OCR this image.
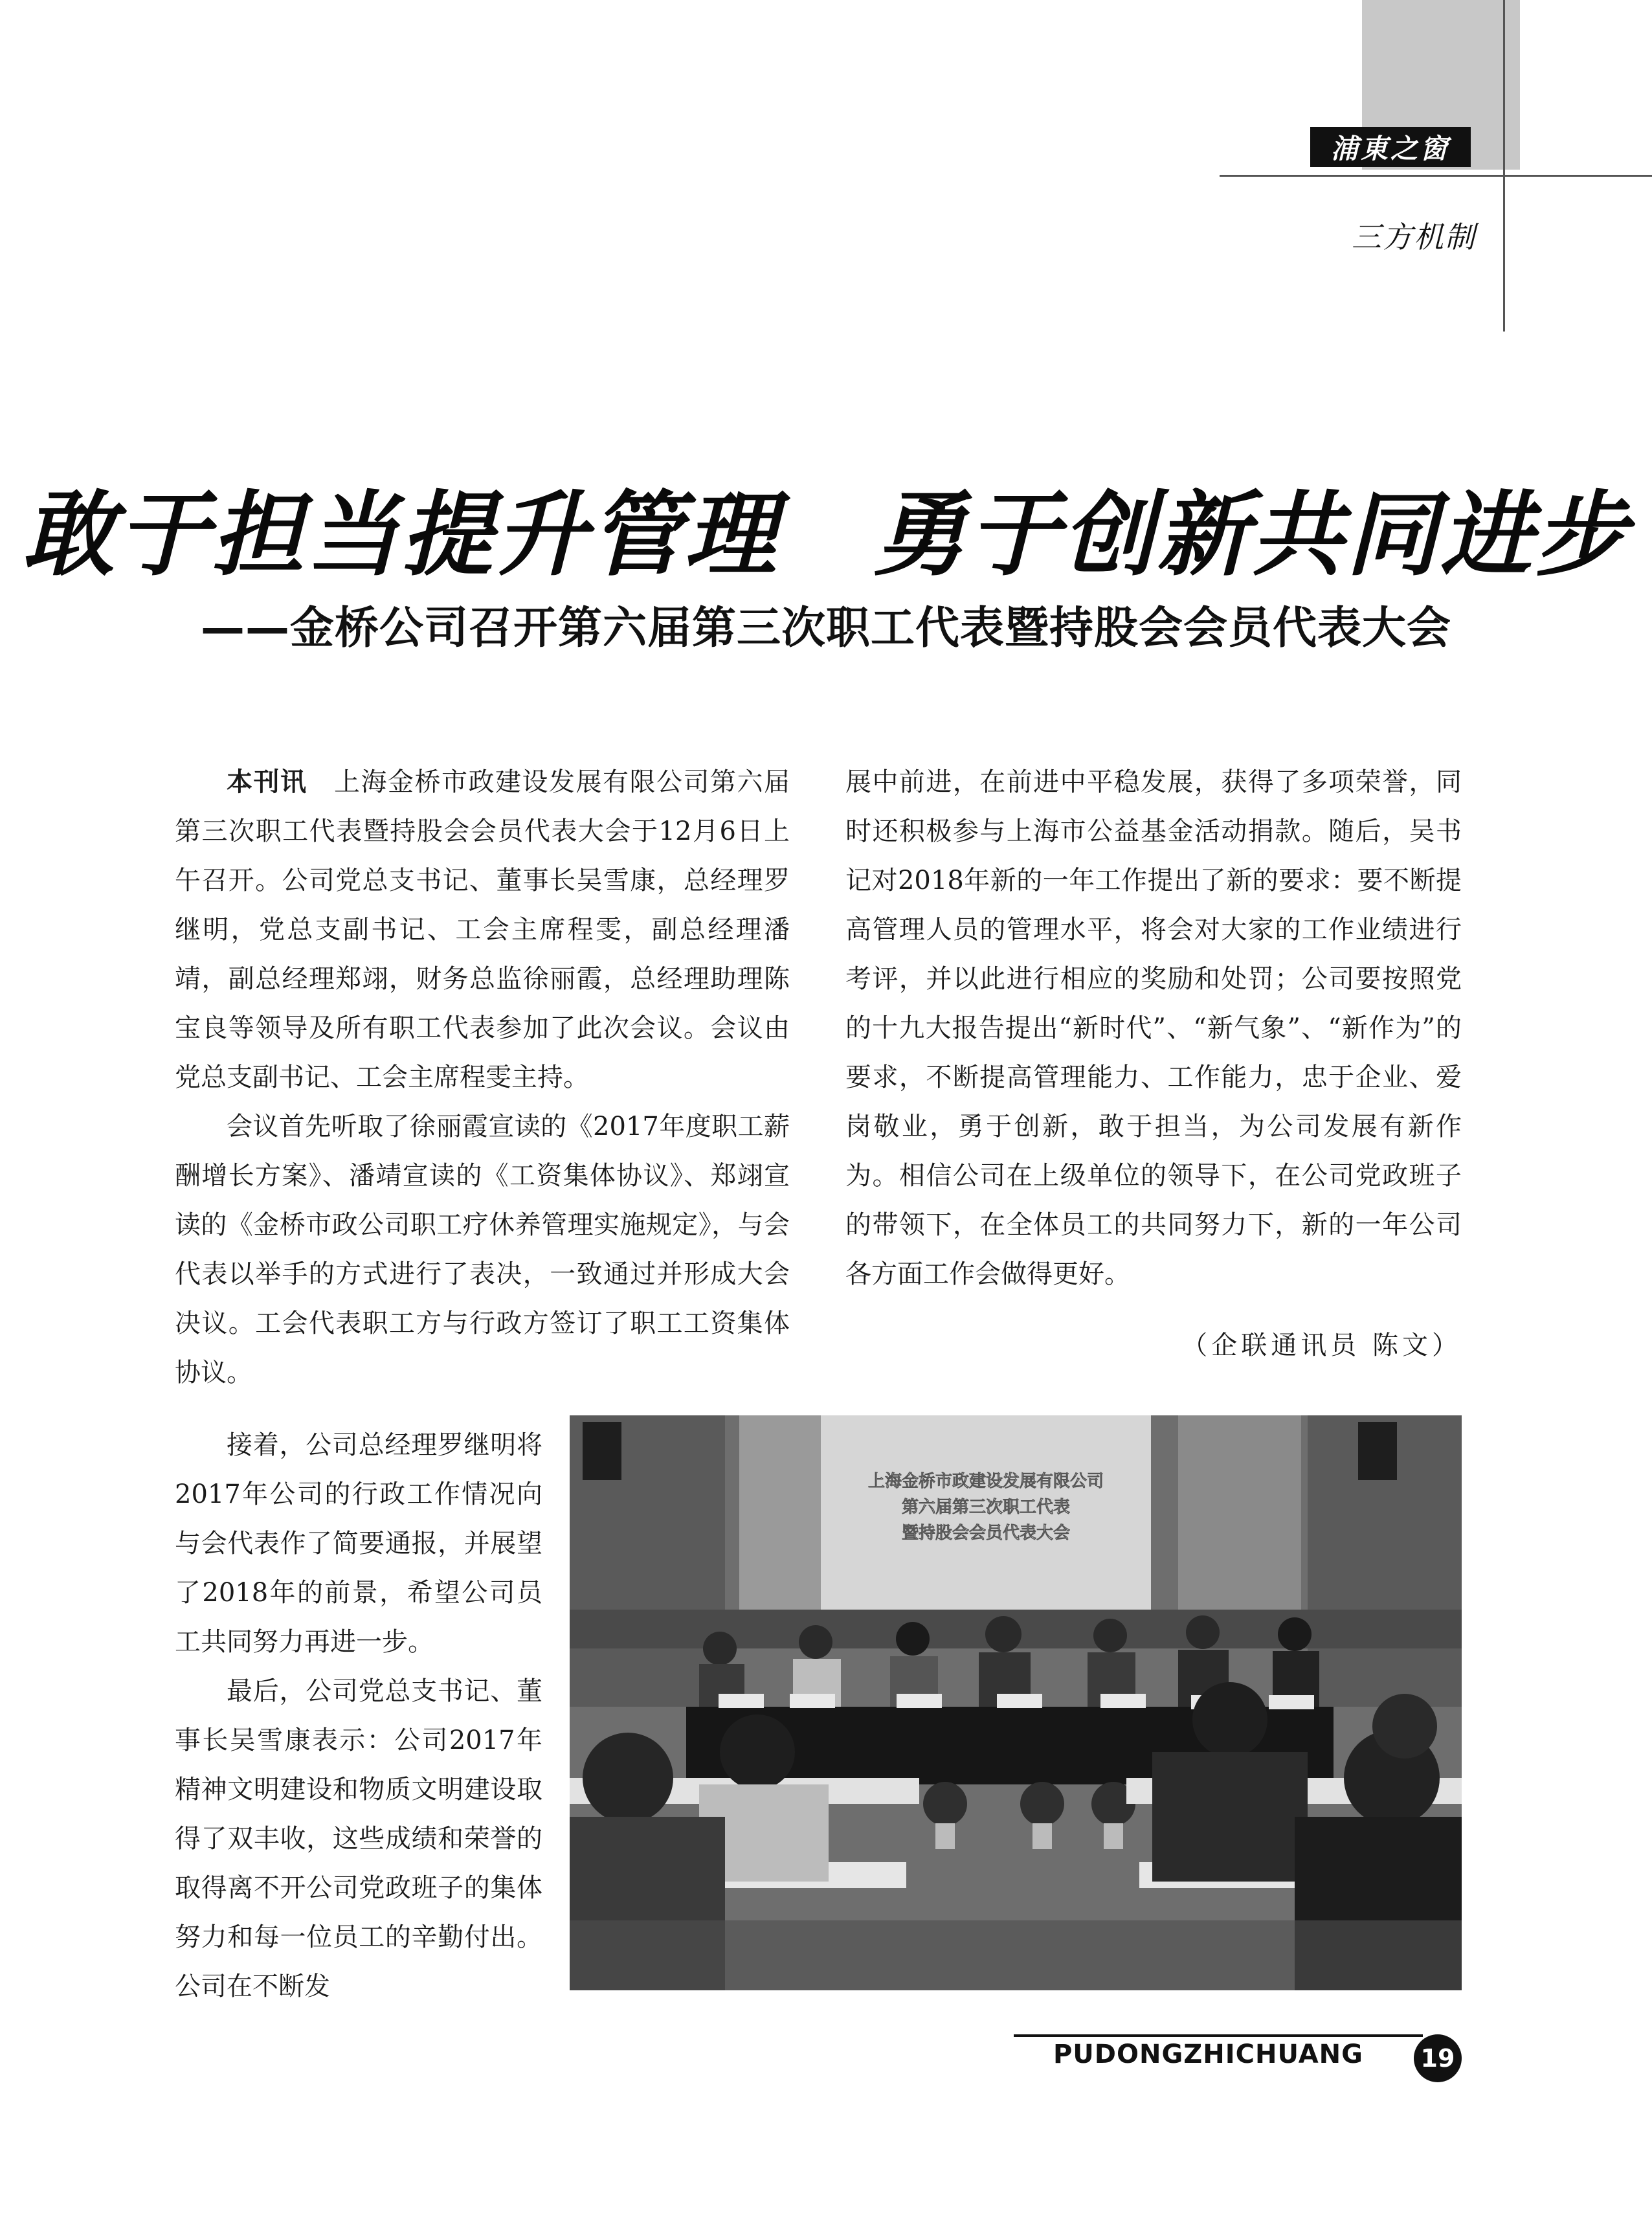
浦東之窗
三方机制
敢于担当提升管理　勇于创新共同进步
——金桥公司召开第六届第三次职工代表暨持股会会员代表大会

本刊讯　 上海金桥市政建设发展有限公司第六届第三次职工代表暨持股会会员代表大会于12月6日上午召开。公司党总支书记、董事长吴雪康，总经理罗继明，党总支副书记、工会主席程雯，副总经理潘靖，副总经理郑翊，财务总监徐丽霞，总经理助理陈宝良等领导及所有职工代表参加了此次会议。会议由党总支副书记、工会主席程雯主持。

会议首先听取了徐丽霞宣读的《2017年度职工薪酬增长方案》、潘靖宣读的《工资集体协议》、郑翊宣读的《金桥市政公司职工疗休养管理实施规定》，与会代表以举手的方式进行了表决，一致通过并形成大会决议。工会代表职工方与行政方签订了职工工资集体协议。

接着，公司总经理罗继明将2017年公司的行政工作情况向与会代表作了简要通报，并展望了2018年的前景，希望公司员工共同努力再进一步。

最后，公司党总支书记、董事长吴雪康表示：公司2017年精神文明建设和物质文明建设取得了双丰收，这些成绩和荣誉的取得离不开公司党政班子的集体努力和每一位员工的辛勤付出。公司在不断发

展中前进，在前进中平稳发展，获得了多项荣誉，同时还积极参与上海市公益基金活动捐款。随后，吴书记对2018年新的一年工作提出了新的要求：要不断提高管理人员的管理水平，将会对大家的工作业绩进行考评，并以此进行相应的奖励和处罚；公司要按照党的十九大报告提出“新时代”、“新气象”、“新作为”的要求，不断提高管理能力、工作能力，忠于企业、爱岗敬业，勇于创新，敢于担当，为公司发展有新作为。相信公司在上级单位的领导下，在公司党政班子的带领下，在全体员工的共同努力下，新的一年公司各方面工作会做得更好。

（企联通讯员 陈文）
上海金桥市政建设发展有限公司
第六届第三次职工代表
暨持股会会员代表大会
PUDONGZHICHUANG 19
